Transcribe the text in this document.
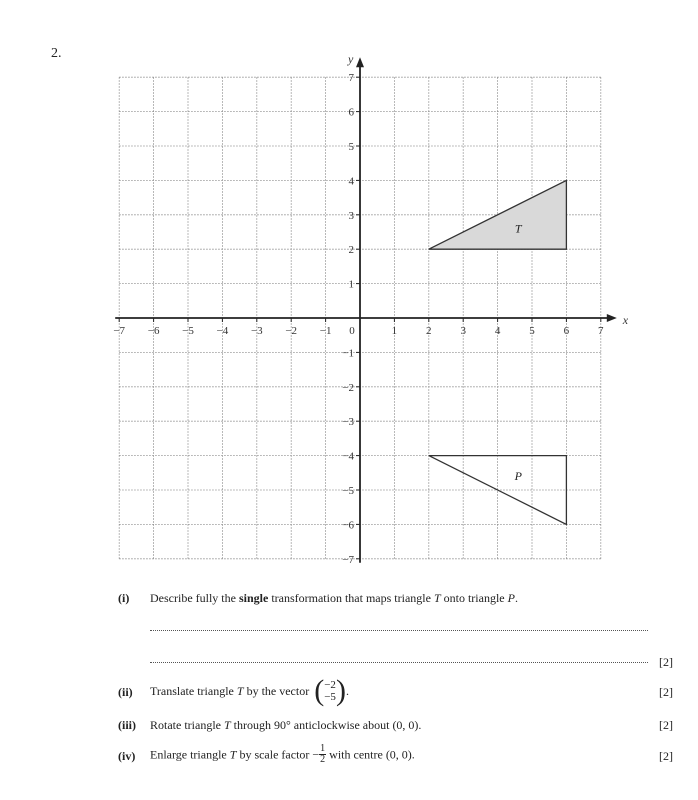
2.
T
P
x
y
−7 −6 −5 −4 −3 −2 −1	1	2	3	4	5	6	7
−7
−6
−5
−4
−3
−2
−1
1
2
3
4
5
6
7
0
(i) Describe fully the single transformation that maps triangle T onto triangle P.
[2]
(ii) Translate triangle T by the vector (−2
−5).	[2]
(iii) Rotate triangle T through 90° anticlockwise about (0, 0).	[2]
(iv) Enlarge triangle T by scale factor − $\frac{1}{2}$ with centre (0, 0).	[2]
